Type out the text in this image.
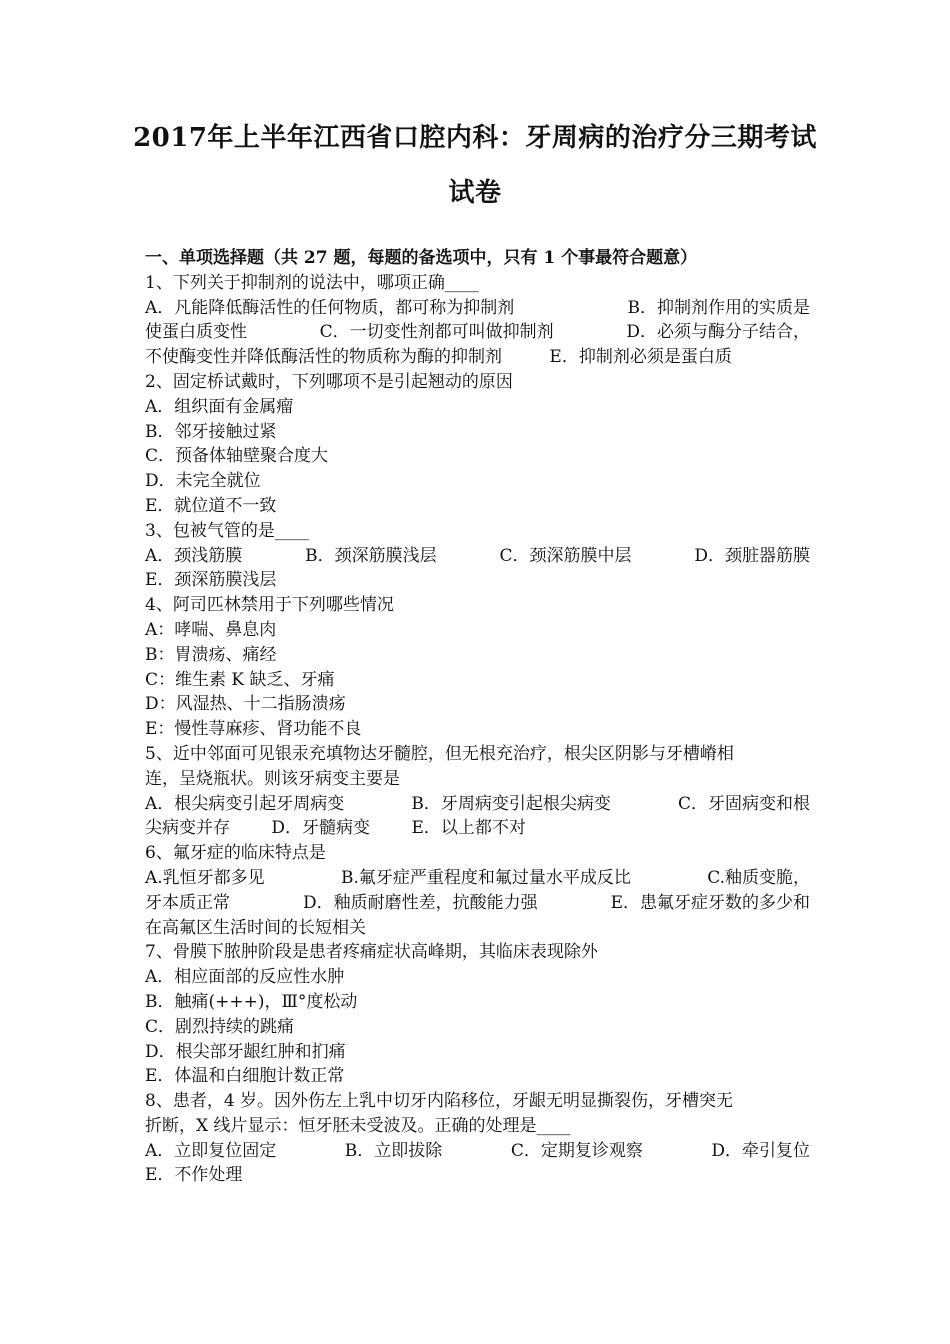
2017年上半年江西省口腔内科：牙周病的治疗分三期考试
试卷
一、单项选择题（共 27 题，每题的备选项中，只有 1 个事最符合题意）
1、下列关于抑制剂的说法中，哪项正确____
A．凡能降低酶活性的任何物质，都可称为抑制剂	B．抑制剂作用的实质是
使蛋白质变性	C．一切变性剂都可叫做抑制剂	D．必须与酶分子结合，
不使酶变性并降低酶活性的物质称为酶的抑制剂	E．抑制剂必须是蛋白质
2、固定桥试戴时，下列哪项不是引起翘动的原因
A．组织面有金属瘤
B．邻牙接触过紧
C．预备体轴壁聚合度大
D．未完全就位
E．就位道不一致
3、包被气管的是____
A．颈浅筋膜	B．颈深筋膜浅层	C．颈深筋膜中层	D．颈脏器筋膜
E．颈深筋膜浅层
4、阿司匹林禁用于下列哪些情况
A：哮喘、鼻息肉
B：胃溃疡、痛经
C：维生素 K 缺乏、牙痛
D：风湿热、十二指肠溃疡
E：慢性荨麻疹、肾功能不良
5、近中邻面可见银汞充填物达牙髓腔，但无根充治疗，根尖区阴影与牙槽嵴相
连，呈烧瓶状。则该牙病变主要是
A．根尖病变引起牙周病变	B．牙周病变引起根尖病变	C．牙固病变和根
尖病变并存 D．牙髓病变 E．以上都不对
6、氟牙症的临床特点是
A.乳恒牙都多见	B.氟牙症严重程度和氟过量水平成反比	C.釉质变脆，
牙本质正常	D．釉质耐磨性差，抗酸能力强	E．患氟牙症牙数的多少和
在高氟区生活时间的长短相关
7、骨膜下脓肿阶段是患者疼痛症状高峰期，其临床表现除外
A．相应面部的反应性水肿
B．触痛(+++)，Ⅲ°度松动
C．剧烈持续的跳痛
D．根尖部牙龈红肿和扪痛
E．体温和白细胞计数正常
8、患者，4 岁。因外伤左上乳中切牙内陷移位，牙龈无明显撕裂伤，牙槽突无
折断，X 线片显示：恒牙胚未受波及。正确的处理是____
A．立即复位固定	B．立即拔除	C．定期复诊观察	D．牵引复位
E．不作处理
